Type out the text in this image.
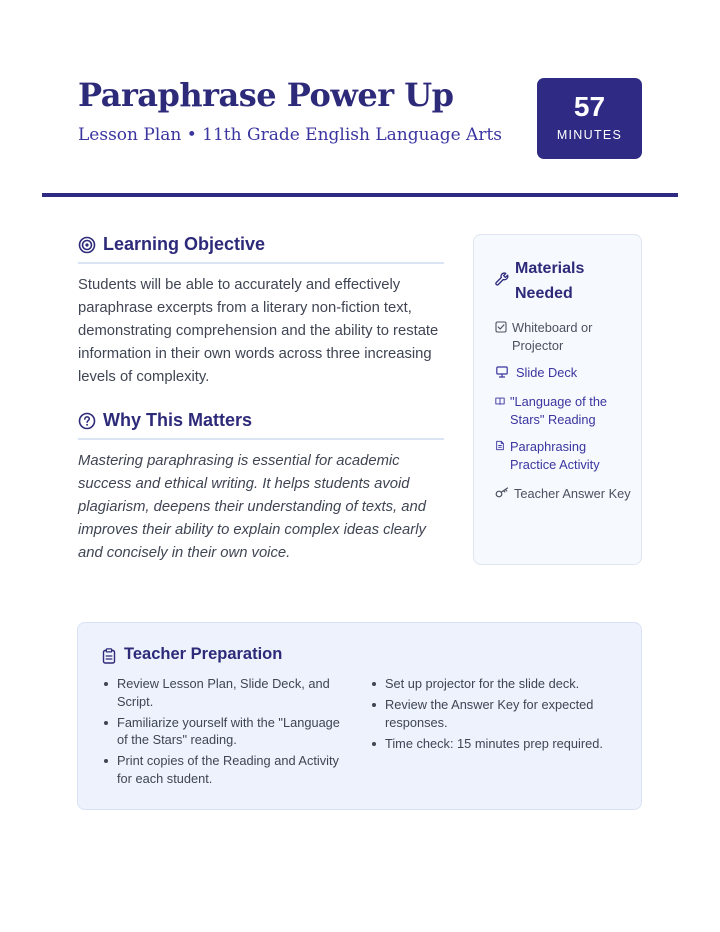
Paraphrase Power Up
Lesson Plan • 11th Grade English Language Arts
57
MINUTES
Learning Objective
Students will be able to accurately and effectively paraphrase excerpts from a literary non-fiction text, demonstrating comprehension and the ability to restate information in their own words across three increasing levels of complexity.
Why This Matters
Mastering paraphrasing is essential for academic success and ethical writing. It helps students avoid plagiarism, deepens their understanding of texts, and improves their ability to explain complex ideas clearly and concisely in their own voice.
Materials Needed
Whiteboard or Projector
Slide Deck
"Language of the Stars" Reading
Paraphrasing Practice Activity
Teacher Answer Key
Teacher Preparation
Review Lesson Plan, Slide Deck, and Script.
Familiarize yourself with the "Language of the Stars" reading.
Print copies of the Reading and Activity for each student.
Set up projector for the slide deck.
Review the Answer Key for expected responses.
Time check: 15 minutes prep required.
